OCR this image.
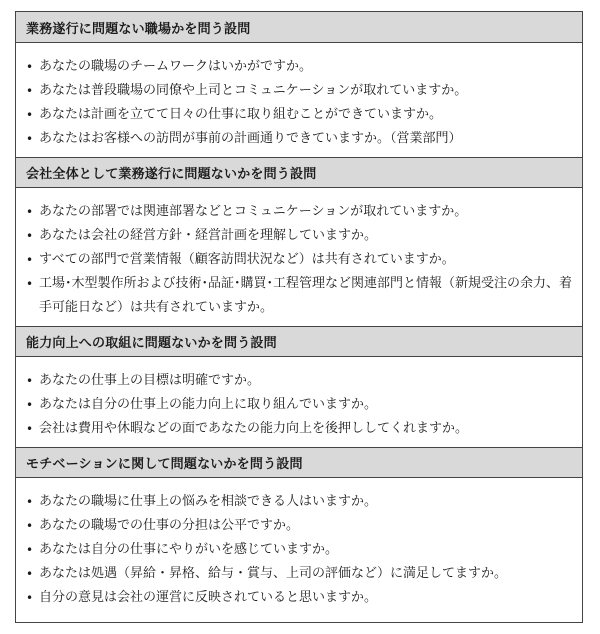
業務遂行に問題ない職場かを問う設問
• あなたの職場のチームワークはいかがですか。
• あなたは普段職場の同僚や上司とコミュニケーションが取れていますか。
• あなたは計画を立てて日々の仕事に取り組むことができていますか。
• あなたはお客様への訪問が事前の計画通りできていますか。（営業部門）
会社全体として業務遂行に問題ないかを問う設問
• あなたの部署では関連部署などとコミュニケーションが取れていますか。
• あなたは会社の経営方針・経営計画を理解していますか。
• すべての部門で営業情報（顧客訪問状況など）は共有されていますか。
• 工場･木型製作所および技術･品証･購買･工程管理など関連部門と情報（新規受注の余力、着手可能日など）は共有されていますか。
能力向上への取組に問題ないかを問う設問
• あなたの仕事上の目標は明確ですか。
• あなたは自分の仕事上の能力向上に取り組んでいますか。
• 会社は費用や休暇などの面であなたの能力向上を後押ししてくれますか。
モチベーションに関して問題ないかを問う設問
• あなたの職場に仕事上の悩みを相談できる人はいますか。
• あなたの職場での仕事の分担は公平ですか。
• あなたは自分の仕事にやりがいを感じていますか。
• あなたは処遇（昇給・昇格、給与・賞与、上司の評価など）に満足してますか。
• 自分の意見は会社の運営に反映されていると思いますか。
